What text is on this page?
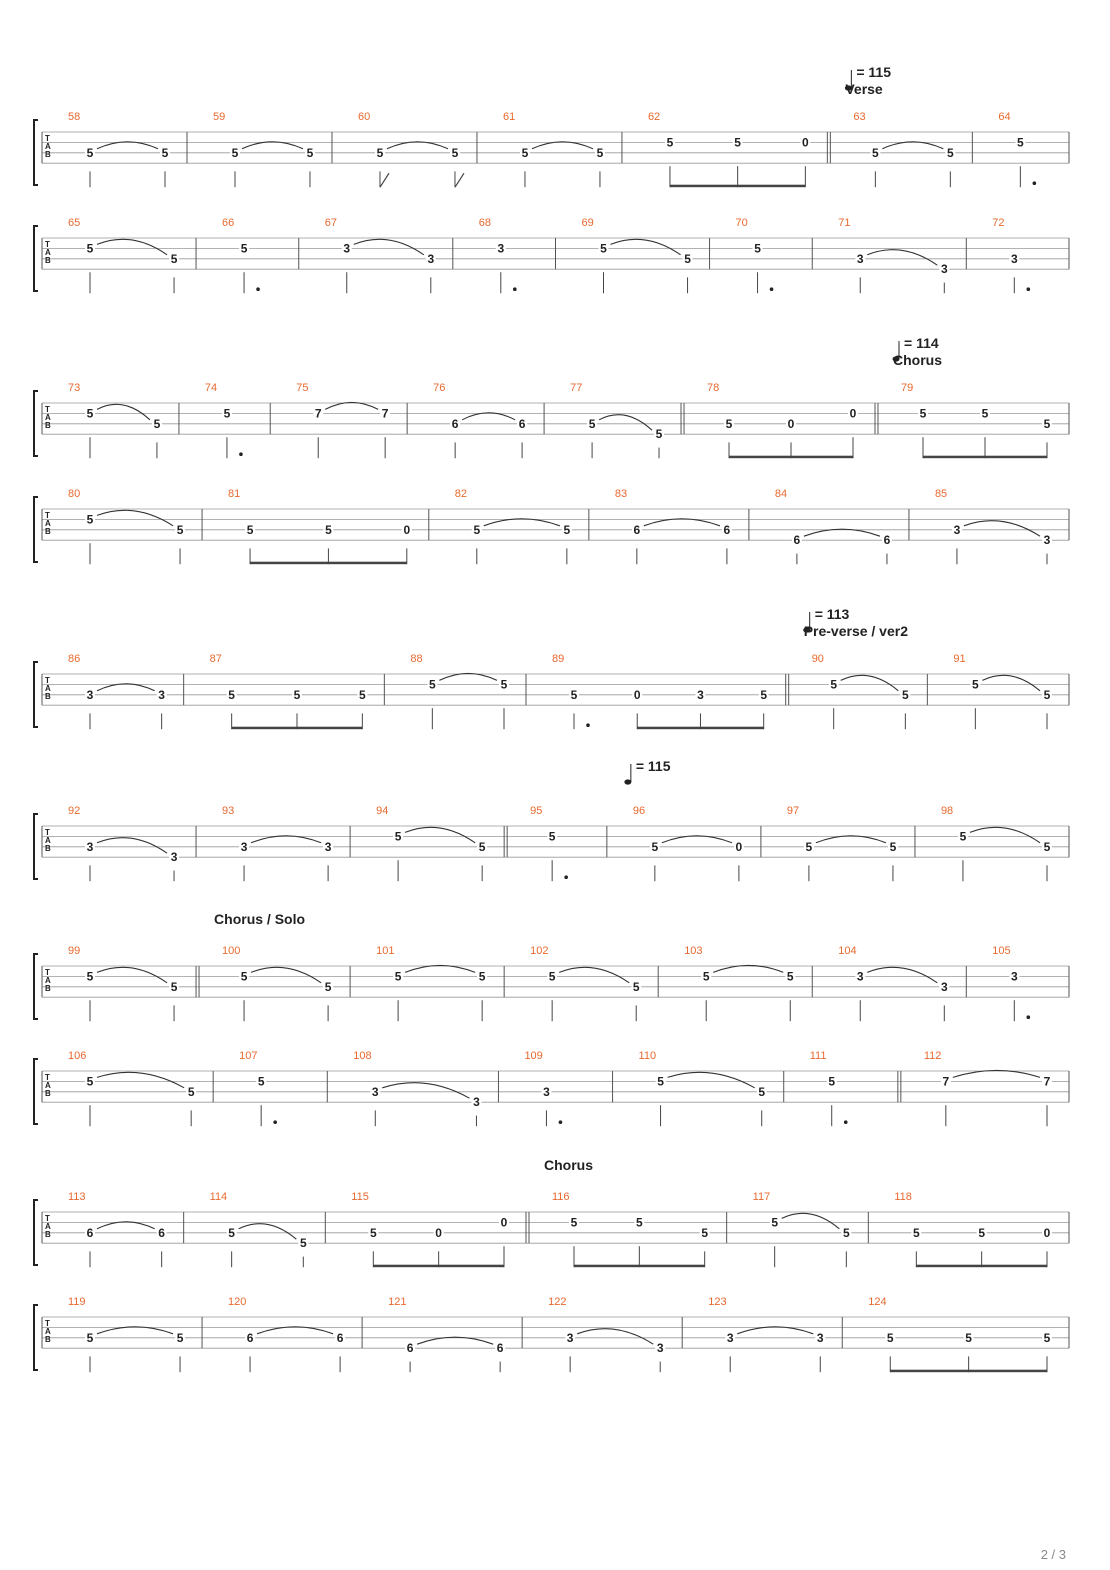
T
A
B
58
5	5
59
5	5
60
5	5
61
5	5
62
5	5	0
63
5	5
64
5
T
A
B
65
5
5
66
5
67
3
3
68
3
69
5
5
70
5
71
3
3
72
3
T
A
B
73
5
5
74
5
75
7	7
76
6	6
77
5
5
78
5	0
0
79
5	5
5
T
A
B
80
5
5
81
5	5	0
82
5	5
83
6	6
84
6	6
85
3
3
T
A
B
86
3	3
87
5	5	5
88
5	5
89
5	0	3	5
90
5
5
91
5
5
T
A
B
92
3
3
93
3	3
94
5
5
95
5
96
5	0
97
5	5
98
5
5
T
A
B
99
5
5
100
5
5
101
5	5
102
5
5
103
5	5
104
3
3
105
3
T
A
B
106
5
5
107
5
108
3
3
109
3
110
5
5
111
5
112
7	7
T
A
B
113
6	6
114
5
5
115
5	0
0
116
5	5
5
117
5
5
118
5	5	0
T
A
B
119
5	5
120
6	6
121
6	6
122
3
3
123
3	3
124
5	5	5
= 115
Verse
= 114
Chorus
= 113
Pre-verse / ver2
= 115
Chorus / Solo
Chorus
2 / 3
